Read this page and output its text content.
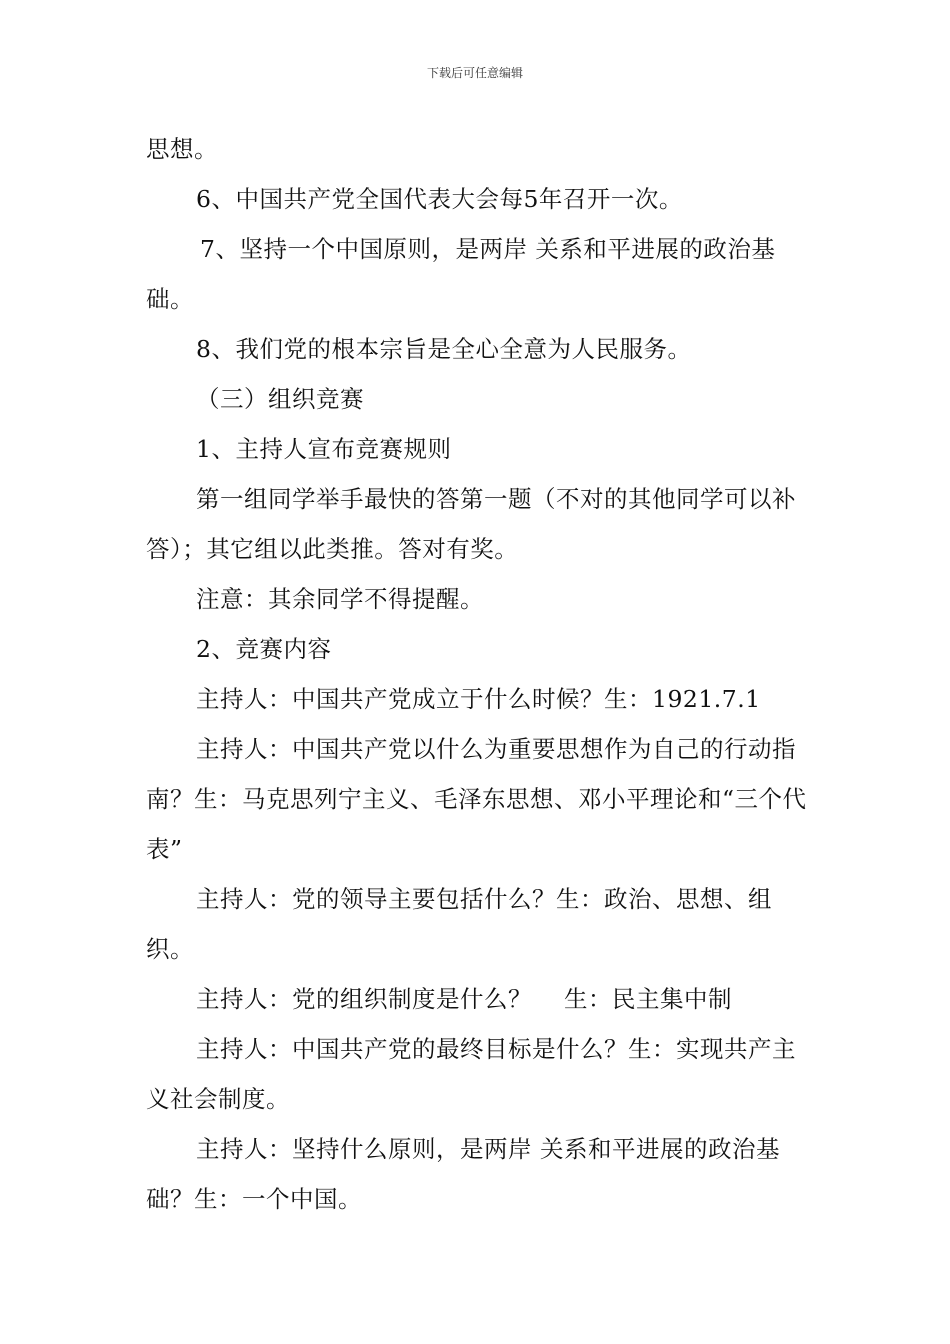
下载后可任意编辑

思想。

6、中国共产党全国代表大会每5年召开一次。

7、坚持一个中国原则，是两岸 关系和平进展的政治基础。

8、我们党的根本宗旨是全心全意为人民服务。

（三）组织竞赛

1、主持人宣布竞赛规则

第一组同学举手最快的答第一题（不对的其他同学可以补答）；其它组以此类推。答对有奖。

注意：其余同学不得提醒。

2、竞赛内容

主持人：中国共产党成立于什么时候？生：1921.7.1

主持人：中国共产党以什么为重要思想作为自己的行动指南？生：马克思列宁主义、毛泽东思想、邓小平理论和“三个代表”

主持人：党的领导主要包括什么？生：政治、思想、组织。

主持人：党的组织制度是什么？　 生：民主集中制

主持人：中国共产党的最终目标是什么？生：实现共产主义社会制度。

主持人：坚持什么原则，是两岸 关系和平进展的政治基础？生：一个中国。
